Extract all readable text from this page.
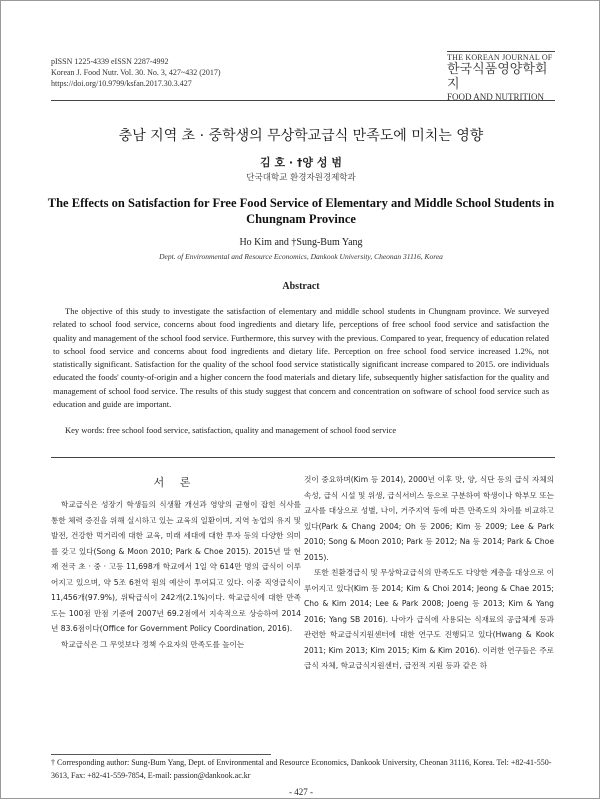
pISSN 1225-4339 eISSN 2287-4992
Korean J. Food Nutr. Vol. 30. No. 3, 427~432 (2017)
https://doi.org/10.9799/ksfan.2017.30.3.427
THE KOREAN JOURNAL OF
한국식품영양학회지
FOOD AND NUTRITION
충남 지역 초 · 중학생의 무상학교급식 만족도에 미치는 영향
김 호 · †양 성 범
단국대학교 환경자원경제학과
The Effects on Satisfaction for Free Food Service of Elementary and Middle School Students in Chungnam Province
Ho Kim and †Sung-Bum Yang
Dept. of Environmental and Resource Economics, Dankook University, Cheonan 31116, Korea
Abstract
The objective of this study to investigate the satisfaction of elementary and middle school students in Chungnam province. We surveyed related to school food service, concerns about food ingredients and dietary life, perceptions of free school food service and satisfaction the quality and management of the school food service. Furthermore, this survey with the previous. Compared to year, frequency of education related to school food service and concerns about food ingredients and dietary life. Perception on free school food service increased 1.2%, not statistically significant. Satisfaction for the quality of the school food service statistically significant increase compared to 2015. ore individuals educated the foods' county-of-origin and a higher concern the food materials and dietary life, subsequently higher satisfaction for the quality and management of school food service. The results of this study suggest that concern and concentration on software of school food service such as education and guide are important.
Key words: free school food service, satisfaction, quality and management of school food service
서 론

학교급식은 성장기 학생들의 식생활 개선과 영양의 균형이 잡힌 식사를 통한 체력 증진을 위해 실시하고 있는 교육의 일환이며, 지역 농업의 유지 및 발전, 건강한 먹거리에 대한 교육, 미래 세대에 대한 투자 등의 다양한 의미를 갖고 있다(Song & Moon 2010; Park & Choe 2015). 2015년 말 현재 전국 초 · 중 · 고등 11,698개 학교에서 1일 약 614만 명의 급식이 이루어지고 있으며, 약 5조 6천억 원의 예산이 투여되고 있다. 이중 직영급식이 11,456개(97.9%), 위탁급식이 242개(2.1%)이다. 학교급식에 대한 만족도는 100점 만점 기준에 2007년 69.2점에서 지속적으로 상승하여 2014년 83.6점이다(Office for Government Policy Coordination, 2016).

학교급식은 그 무엇보다 정책 수요자의 만족도를 높이는

것이 중요하며(Kim 등 2014), 2000년 이후 맛, 양, 식단 등의 급식 자체의 속성, 급식 시설 및 위생, 급식서비스 등으로 구분하여 학생이나 학부모 또는 교사를 대상으로 성별, 나이, 거주지역 등에 따른 만족도의 차이를 비교하고 있다(Park & Chang 2004; Oh 등 2006; Kim 등 2009; Lee & Park 2010; Song & Moon 2010; Park 등 2012; Na 등 2014; Park & Choe 2015).

또한 친환경급식 및 무상학교급식의 만족도도 다양한 계층을 대상으로 이루어지고 있다(Kim 등 2014; Kim & Choi 2014; Jeong & Chae 2015; Cho & Kim 2014; Lee & Park 2008; Joeng 등 2013; Kim & Yang 2016; Yang SB 2016). 나아가 급식에 사용되는 식재료의 공급체계 등과 관련한 학교급식지원센터에 대한 연구도 진행되고 있다(Hwang & Kook 2011; Kim 2013; Kim 2015; Kim & Kim 2016). 이러한 연구들은 주로 급식 자체, 학교급식지원센터, 급전적 지원 등과 같은 하

† Corresponding author: Sung-Bum Yang, Dept. of Environmental and Resource Economics, Dankook University, Cheonan 31116, Korea. Tel: +82-41-550-3613, Fax: +82-41-559-7854, E-mail: passion@dankook.ac.kr
- 427 -
